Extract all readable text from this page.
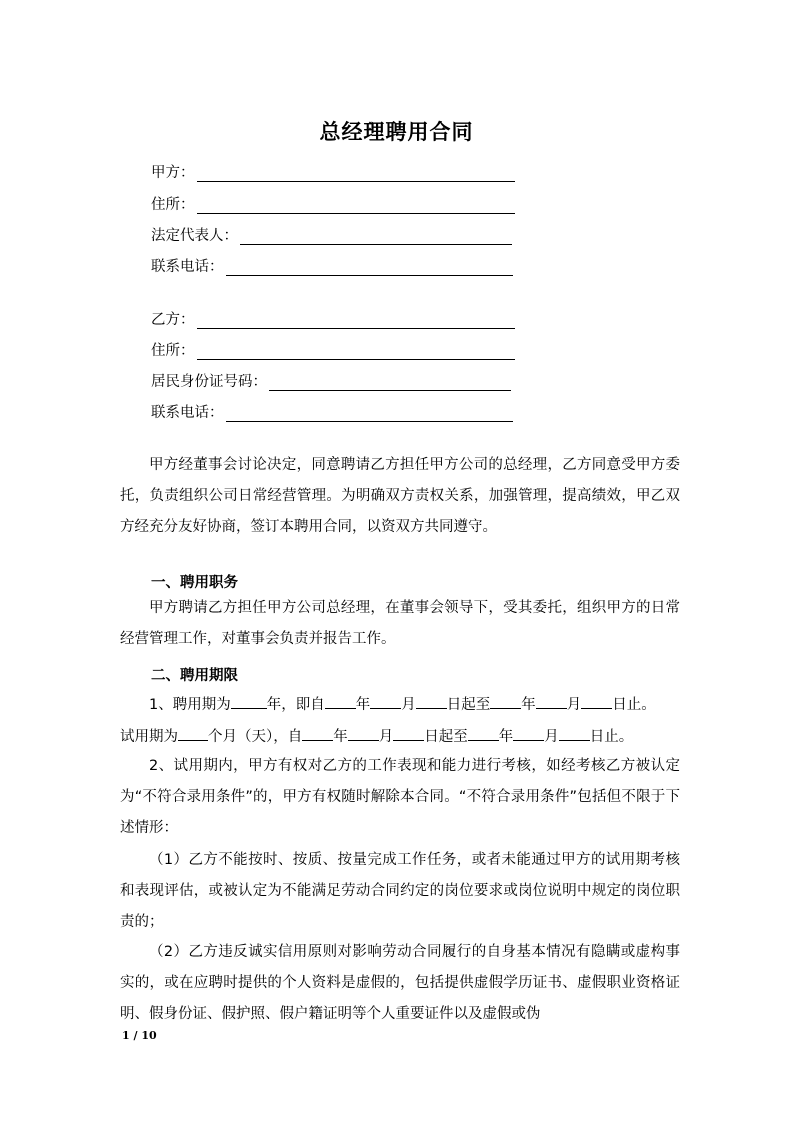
总经理聘用合同
甲方：
住所：
法定代表人：
联系电话：
乙方：
住所：
居民身份证号码：
联系电话：

甲方经董事会讨论决定，同意聘请乙方担任甲方公司的总经理，乙方同意受甲方委托，负责组织公司日常经营管理。为明确双方责权关系，加强管理，提高绩效，甲乙双方经充分友好协商，签订本聘用合同，以资双方共同遵守。

一、聘用职务

甲方聘请乙方担任甲方公司总经理，在董事会领导下，受其委托，组织甲方的日常经营管理工作，对董事会负责并报告工作。

二、聘用期限
1、聘用期为 年，即自 年 月 日起至 年 月 日止。
试用期为 个月（天），自 年 月 日起至 年 月 日止。

2、试用期内，甲方有权对乙方的工作表现和能力进行考核，如经考核乙方被认定为“不符合录用条件”的，甲方有权随时解除本合同。“不符合录用条件”包括但不限于下述情形：

（1）乙方不能按时、按质、按量完成工作任务，或者未能通过甲方的试用期考核和表现评估，或被认定为不能满足劳动合同约定的岗位要求或岗位说明中规定的岗位职责的；

（2）乙方违反诚实信用原则对影响劳动合同履行的自身基本情况有隐瞒或虚构事实的，或在应聘时提供的个人资料是虚假的，包括提供虚假学历证书、虚假职业资格证明、假身份证、假护照、假户籍证明等个人重要证件以及虚假或伪

1 / 10
